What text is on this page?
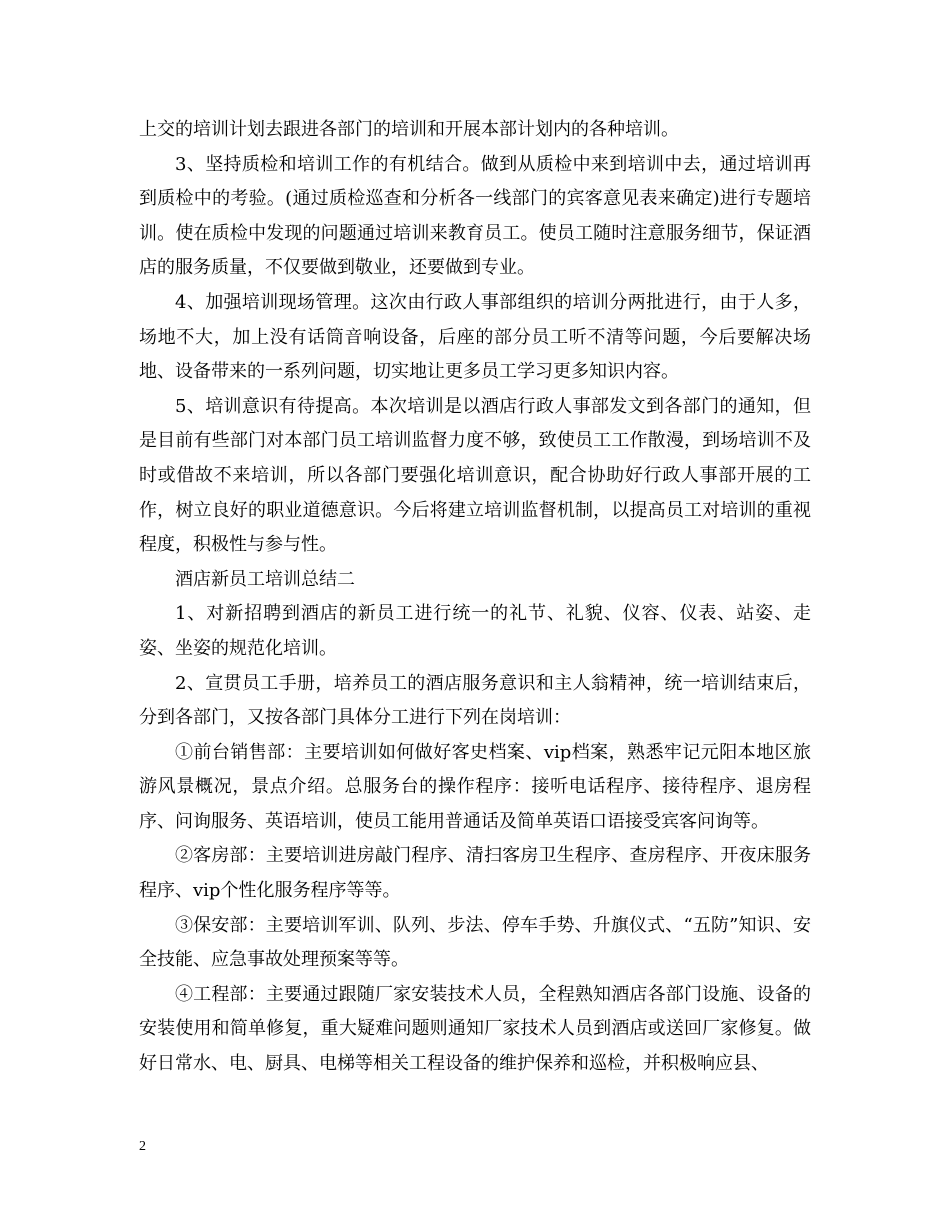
上交的培训计划去跟进各部门的培训和开展本部计划内的各种培训。

3、坚持质检和培训工作的有机结合。做到从质检中来到培训中去，通过培训再到质检中的考验。(通过质检巡查和分析各一线部门的宾客意见表来确定)进行专题培训。使在质检中发现的问题通过培训来教育员工。使员工随时注意服务细节，保证酒店的服务质量，不仅要做到敬业，还要做到专业。

4、加强培训现场管理。这次由行政人事部组织的培训分两批进行，由于人多，场地不大，加上没有话筒音响设备，后座的部分员工听不清等问题，今后要解决场地、设备带来的一系列问题，切实地让更多员工学习更多知识内容。

5、培训意识有待提高。本次培训是以酒店行政人事部发文到各部门的通知，但是目前有些部门对本部门员工培训监督力度不够，致使员工工作散漫，到场培训不及时或借故不来培训，所以各部门要强化培训意识，配合协助好行政人事部开展的工作，树立良好的职业道德意识。今后将建立培训监督机制，以提高员工对培训的重视程度，积极性与参与性。

酒店新员工培训总结二

1、对新招聘到酒店的新员工进行统一的礼节、礼貌、仪容、仪表、站姿、走姿、坐姿的规范化培训。

2、宣贯员工手册，培养员工的酒店服务意识和主人翁精神，统一培训结束后，分到各部门，又按各部门具体分工进行下列在岗培训：

①前台销售部：主要培训如何做好客史档案、vip档案，熟悉牢记元阳本地区旅游风景概况，景点介绍。总服务台的操作程序：接听电话程序、接待程序、退房程序、问询服务、英语培训，使员工能用普通话及简单英语口语接受宾客问询等。

②客房部：主要培训进房敲门程序、清扫客房卫生程序、查房程序、开夜床服务程序、vip个性化服务程序等等。

③保安部：主要培训军训、队列、步法、停车手势、升旗仪式、“五防”知识、安全技能、应急事故处理预案等等。

④工程部：主要通过跟随厂家安装技术人员，全程熟知酒店各部门设施、设备的安装使用和简单修复，重大疑难问题则通知厂家技术人员到酒店或送回厂家修复。做好日常水、电、厨具、电梯等相关工程设备的维护保养和巡检，并积极响应县、

2
